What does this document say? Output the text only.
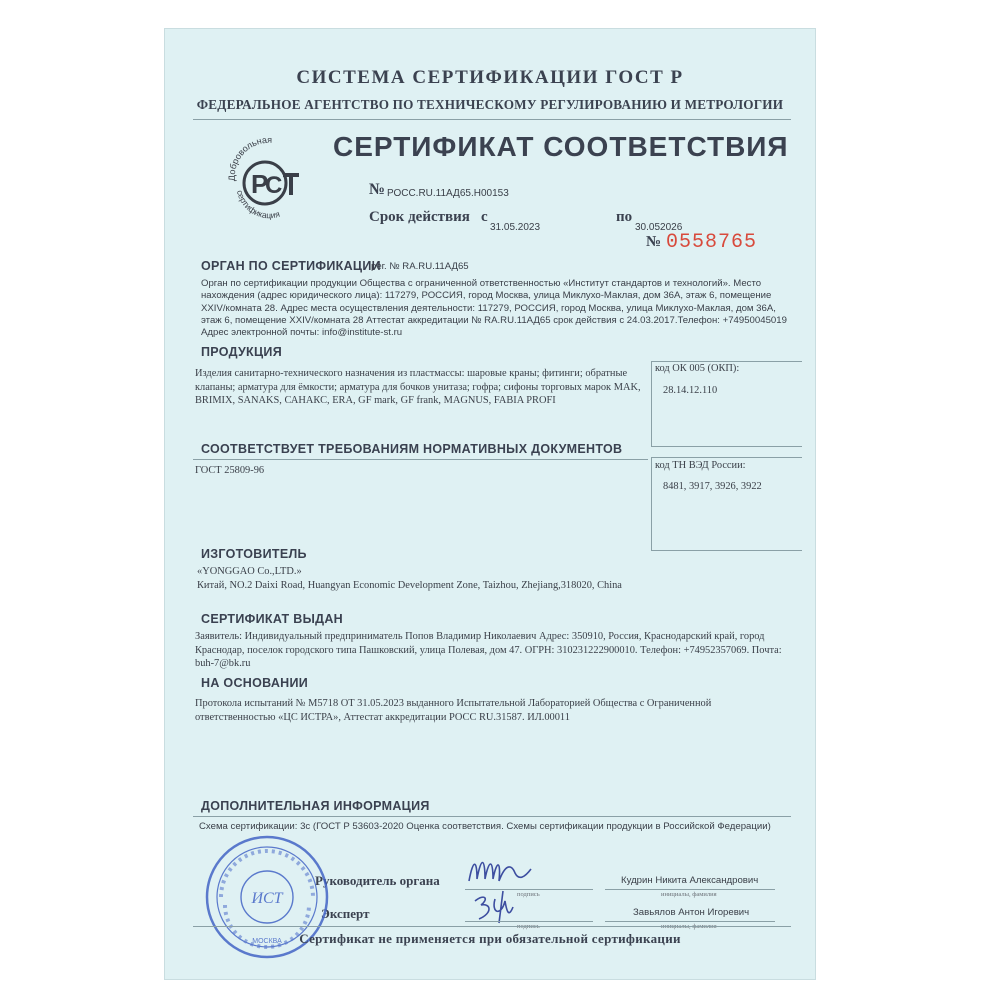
СИСТЕМА СЕРТИФИКАЦИИ ГОСТ Р
ФЕДЕРАЛЬНОЕ АГЕНТСТВО ПО ТЕХНИЧЕСКОМУ РЕГУЛИРОВАНИЮ И МЕТРОЛОГИИ
Добровольная
сертификация
P
C
СЕРТИФИКАТ СООТВЕТСТВИЯ
№ РОСС.RU.11АД65.Н00153
Срок действия с
31.05.2023
по
30.052026
№ 0558765
ОРГАН ПО СЕРТИФИКАЦИИ
рег. № RA.RU.11АД65
Орган по сертификации продукции Общества с ограниченной ответственностью «Институт стандартов и технологий». Место нахождения (адрес юридического лица): 117279, РОССИЯ, город Москва, улица Миклухо-Маклая, дом 36А, этаж 6, помещение XXIV/комната 28. Адрес места осуществления деятельности: 117279, РОССИЯ, город Москва, улица Миклухо-Маклая, дом 36А, этаж 6, помещение XXIV/комната 28 Аттестат аккредитации № RA.RU.11АД65 срок действия с 24.03.2017.Телефон: +74950045019 Адрес электронной почты: info@institute-st.ru
ПРОДУКЦИЯ
Изделия санитарно-технического назначения из пластмассы: шаровые краны; фитинги; обратные клапаны; арматура для ёмкости; арматура для бочков унитаза; гофра; сифоны торговых марок MAK, BRIMIX, SANAKS, САНАКС, ERA, GF mark, GF frank, MAGNUS, FABIA PROFI
код ОК 005 (ОКП):
28.14.12.110
СООТВЕТСТВУЕТ ТРЕБОВАНИЯМ НОРМАТИВНЫХ ДОКУМЕНТОВ
ГОСТ 25809-96	код ТН ВЭД России:
8481, 3917, 3926, 3922
ИЗГОТОВИТЕЛЬ
«YONGGAO Co.,LTD.»
Китай, NO.2 Daixi Road, Huangyan Economic Development Zone, Taizhou, Zhejiang,318020, China
СЕРТИФИКАТ ВЫДАН
Заявитель: Индивидуальный предприниматель Попов Владимир Николаевич Адрес: 350910, Россия, Краснодарский край, город Краснодар, поселок городского типа Пашковский, улица Полевая, дом 47. ОГРН: 310231222900010. Телефон: +74952357069. Почта: buh-7@bk.ru
НА ОСНОВАНИИ
Протокола испытаний № M5718 ОТ 31.05.2023 выданного Испытательной Лабораторией Общества с Ограниченной ответственностью «ЦС ИСТРА», Аттестат аккредитации РОСС RU.31587. ИЛ.00011
ДОПОЛНИТЕЛЬНАЯ ИНФОРМАЦИЯ
Схема сертификации: 3с (ГОСТ Р 53603-2020 Оценка соответствия. Схемы сертификации продукции в Российской Федерации)
Руководитель органа
подпись
Кудрин Никита Александрович
инициалы, фамилия
Эксперт	Завьялов Антон Игоревич
ИСТ
МОСКВА	Сертификат не применяется при обязательной сертификации
